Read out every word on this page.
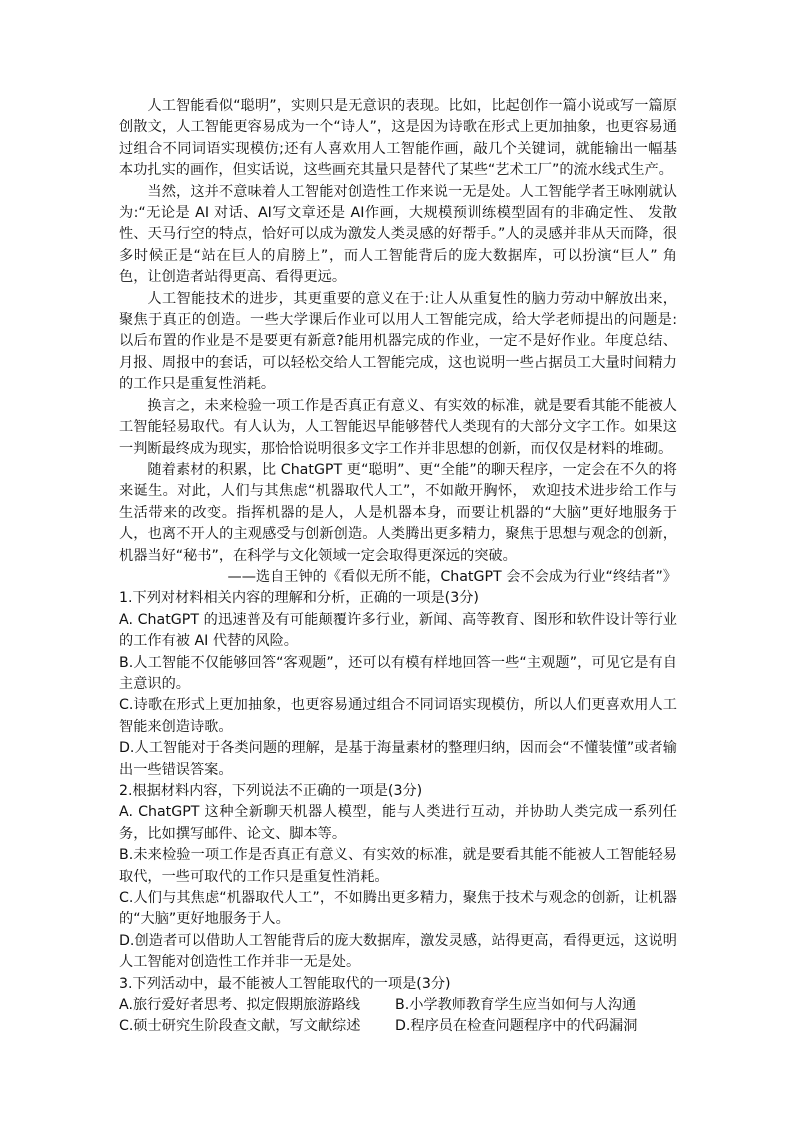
人工智能看似“聪明”，实则只是无意识的表现。比如，比起创作一篇小说或写一篇原创散文，人工智能更容易成为一个“诗人”，这是因为诗歌在形式上更加抽象，也更容易通过组合不同词语实现模仿;还有人喜欢用人工智能作画，敲几个关键词，就能输出一幅基本功扎实的画作，但实话说，这些画充其量只是替代了某些“艺术工厂”的流水线式生产。

当然，这并不意味着人工智能对创造性工作来说一无是处。人工智能学者王咏刚就认为:“无论是 AI 对话、AI写文章还是 AI作画，大规模预训练模型固有的非确定性、 发散性、天马行空的特点，恰好可以成为激发人类灵感的好帮手。”人的灵感并非从天而降，很多时候正是“站在巨人的肩膀上”，而人工智能背后的庞大数据库，可以扮演“巨人” 角色，让创造者站得更高、看得更远。

人工智能技术的进步，其更重要的意义在于:让人从重复性的脑力劳动中解放出来，聚焦于真正的创造。一些大学课后作业可以用人工智能完成，给大学老师提出的问题是:以后布置的作业是不是要更有新意?能用机器完成的作业，一定不是好作业。年度总结、月报、周报中的套话，可以轻松交给人工智能完成，这也说明一些占据员工大量时间精力的工作只是重复性消耗。

换言之，未来检验一项工作是否真正有意义、有实效的标准，就是要看其能不能被人工智能轻易取代。有人认为，人工智能迟早能够替代人类现有的大部分文字工作。如果这一判断最终成为现实，那恰恰说明很多文字工作并非思想的创新，而仅仅是材料的堆砌。

随着素材的积累，比 ChatGPT 更“聪明”、更“全能”的聊天程序，一定会在不久的将来诞生。对此，人们与其焦虑“机器取代人工”，不如敞开胸怀， 欢迎技术进步给工作与生活带来的改变。指挥机器的是人，人是机器本身，而要让机器的“大脑”更好地服务于人，也离不开人的主观感受与创新创造。人类腾出更多精力，聚焦于思想与观念的创新，机器当好“秘书”，在科学与文化领域一定会取得更深远的突破。

——选自王钟的《看似无所不能，ChatGPT 会不会成为行业“终结者”》

1.下列对材料相关内容的理解和分析，正确的一项是(3分)

A. ChatGPT 的迅速普及有可能颠覆许多行业，新闻、高等教育、图形和软件设计等行业的工作有被 AI 代替的风险。

B.人工智能不仅能够回答“客观题”，还可以有模有样地回答一些“主观题”，可见它是有自主意识的。

C.诗歌在形式上更加抽象，也更容易通过组合不同词语实现模仿，所以人们更喜欢用人工智能来创造诗歌。

D.人工智能对于各类问题的理解，是基于海量素材的整理归纳，因而会“不懂装懂”或者输出一些错误答案。

2.根据材料内容，下列说法不正确的一项是(3分)

A. ChatGPT 这种全新聊天机器人模型，能与人类进行互动，并协助人类完成一系列任务，比如撰写邮件、论文、脚本等。

B.未来检验一项工作是否真正有意义、有实效的标准，就是要看其能不能被人工智能轻易取代，一些可取代的工作只是重复性消耗。

C.人们与其焦虑“机器取代人工”，不如腾出更多精力，聚焦于技术与观念的创新，让机器的“大脑”更好地服务于人。

D.创造者可以借助人工智能背后的庞大数据库，激发灵感，站得更高，看得更远，这说明人工智能对创造性工作并非一无是处。

3.下列活动中，最不能被人工智能取代的一项是(3分)

A.旅行爱好者思考、拟定假期旅游路线	B.小学教师教育学生应当如何与人沟通
C.硕士研究生阶段查文献，写文献综述	D.程序员在检查问题程序中的代码漏洞
